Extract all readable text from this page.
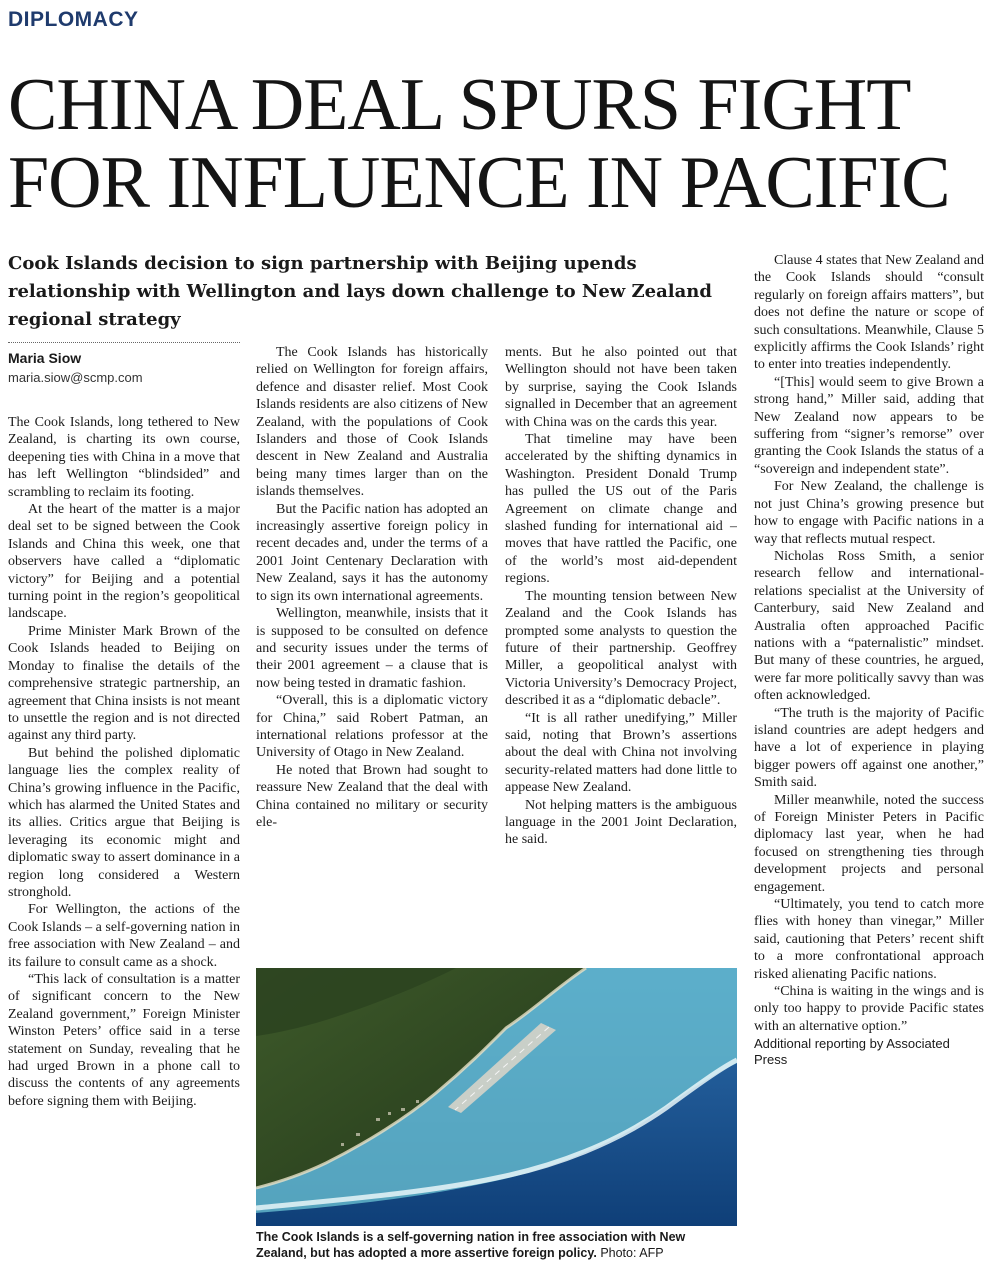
DIPLOMACY
CHINA DEAL SPURS FIGHT FOR INFLUENCE IN PACIFIC
Cook Islands decision to sign partnership with Beijing upends relationship with Wellington and lays down challenge to New Zealand regional strategy
Maria Siow
maria.siow@scmp.com

The Cook Islands, long tethered to New Zealand, is charting its own course, deepening ties with China in a move that has left Wellington “blindsided” and scrambling to reclaim its footing.

At the heart of the matter is a major deal set to be signed between the Cook Islands and China this week, one that observers have called a “diplomatic victory” for Beijing and a potential turning point in the region’s geopolitical landscape.

Prime Minister Mark Brown of the Cook Islands headed to Beijing on Monday to finalise the details of the comprehensive strategic partnership, an agreement that China insists is not meant to unsettle the region and is not directed against any third party.

But behind the polished diplomatic language lies the complex reality of China’s growing influence in the Pacific, which has alarmed the United States and its allies. Critics argue that Beijing is leveraging its economic might and diplomatic sway to assert dominance in a region long considered a Western stronghold.

For Wellington, the actions of the Cook Islands – a self-governing nation in free association with New Zealand – and its failure to consult came as a shock.

“This lack of consultation is a matter of significant concern to the New Zealand government,” Foreign Minister Winston Peters’ office said in a terse statement on Sunday, revealing that he had urged Brown in a phone call to discuss the contents of any agreements before signing them with Beijing.

The Cook Islands has historically relied on Wellington for foreign affairs, defence and disaster relief. Most Cook Islands residents are also citizens of New Zealand, with the populations of Cook Islanders and those of Cook Islands descent in New Zealand and Australia being many times larger than on the islands themselves.

But the Pacific nation has adopted an increasingly assertive foreign policy in recent decades and, under the terms of a 2001 Joint Centenary Declaration with New Zealand, says it has the autonomy to sign its own international agreements.

Wellington, meanwhile, insists that it is supposed to be consulted on defence and security issues under the terms of their 2001 agreement – a clause that is now being tested in dramatic fashion.

“Overall, this is a diplomatic victory for China,” said Robert Patman, an international relations professor at the University of Otago in New Zealand.

He noted that Brown had sought to reassure New Zealand that the deal with China contained no military or security ele-

ments. But he also pointed out that Wellington should not have been taken by surprise, saying the Cook Islands signalled in December that an agreement with China was on the cards this year.

That timeline may have been accelerated by the shifting dynamics in Washington. President Donald Trump has pulled the US out of the Paris Agreement on climate change and slashed funding for international aid – moves that have rattled the Pacific, one of the world’s most aid-dependent regions.

The mounting tension between New Zealand and the Cook Islands has prompted some analysts to question the future of their partnership. Geoffrey Miller, a geopolitical analyst with Victoria University’s Democracy Project, described it as a “diplomatic debacle”.

“It is all rather unedifying,” Miller said, noting that Brown’s assertions about the deal with China not involving security-related matters had done little to appease New Zealand.

Not helping matters is the ambiguous language in the 2001 Joint Declaration, he said.

Clause 4 states that New Zealand and the Cook Islands should “consult regularly on foreign affairs matters”, but does not define the nature or scope of such consultations. Meanwhile, Clause 5 explicitly affirms the Cook Islands’ right to enter into treaties independently.

“[This] would seem to give Brown a strong hand,” Miller said, adding that New Zealand now appears to be suffering from “signer’s remorse” over granting the Cook Islands the status of a “sovereign and independent state”.

For New Zealand, the challenge is not just China’s growing presence but how to engage with Pacific nations in a way that reflects mutual respect.

Nicholas Ross Smith, a senior research fellow and international-relations specialist at the University of Canterbury, said New Zealand and Australia often approached Pacific nations with a “paternalistic” mindset. But many of these countries, he argued, were far more politically savvy than was often acknowledged.

“The truth is the majority of Pacific island countries are adept hedgers and have a lot of experience in playing bigger powers off against one another,” Smith said.

Miller meanwhile, noted the success of Foreign Minister Peters in Pacific diplomacy last year, when he had focused on strengthening ties through development projects and personal engagement.

“Ultimately, you tend to catch more flies with honey than vinegar,” Miller said, cautioning that Peters’ recent shift to a more confrontational approach risked alienating Pacific nations.

“China is waiting in the wings and is only too happy to provide Pacific states with an alternative option.”

Additional reporting by Associated Press

The Cook Islands is a self-governing nation in free association with New Zealand, but has adopted a more assertive foreign policy. Photo: AFP
